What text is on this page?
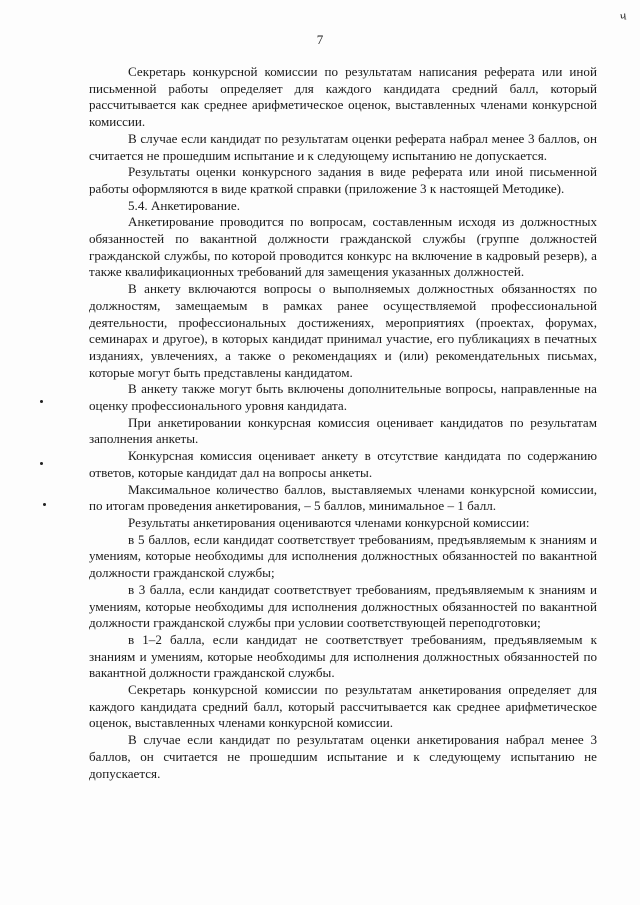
ч
7

Секретарь конкурсной комиссии по результатам написания реферата или иной письменной работы определяет для каждого кандидата средний балл, который рассчитывается как среднее арифметическое оценок, выставленных членами конкурсной комиссии.

В случае если кандидат по результатам оценки реферата набрал менее 3 баллов, он считается не прошедшим испытание и к следующему испытанию не допускается.

Результаты оценки конкурсного задания в виде реферата или иной письменной работы оформляются в виде краткой справки (приложение 3 к настоящей Методике).

5.4. Анкетирование.

Анкетирование проводится по вопросам, составленным исходя из должностных обязанностей по вакантной должности гражданской службы (группе должностей гражданской службы, по которой проводится конкурс на включение в кадровый резерв), а также квалификационных требований для замещения указанных должностей.

В анкету включаются вопросы о выполняемых должностных обязанностях по должностям, замещаемым в рамках ранее осуществляемой профессиональной деятельности, профессиональных достижениях, мероприятиях (проектах, форумах, семинарах и другое), в которых кандидат принимал участие, его публикациях в печатных изданиях, увлечениях, а также о рекомендациях и (или) рекомендательных письмах, которые могут быть представлены кандидатом.

В анкету также могут быть включены дополнительные вопросы, направленные на оценку профессионального уровня кандидата.

При анкетировании конкурсная комиссия оценивает кандидатов по результатам заполнения анкеты.

Конкурсная комиссия оценивает анкету в отсутствие кандидата по содержанию ответов, которые кандидат дал на вопросы анкеты.

Максимальное количество баллов, выставляемых членами конкурсной комиссии, по итогам проведения анкетирования, – 5 баллов, минимальное – 1 балл.

Результаты анкетирования оцениваются членами конкурсной комиссии:

в 5 баллов, если кандидат соответствует требованиям, предъявляемым к знаниям и умениям, которые необходимы для исполнения должностных обязанностей по вакантной должности гражданской службы;

в 3 балла, если кандидат соответствует требованиям, предъявляемым к знаниям и умениям, которые необходимы для исполнения должностных обязанностей по вакантной должности гражданской службы при условии соответствующей переподготовки;

в 1–2 балла, если кандидат не соответствует требованиям, предъявляемым к знаниям и умениям, которые необходимы для исполнения должностных обязанностей по вакантной должности гражданской службы.

Секретарь конкурсной комиссии по результатам анкетирования определяет для каждого кандидата средний балл, который рассчитывается как среднее арифметическое оценок, выставленных членами конкурсной комиссии.

В случае если кандидат по результатам оценки анкетирования набрал менее 3 баллов, он считается не прошедшим испытание и к следующему испытанию не допускается.
